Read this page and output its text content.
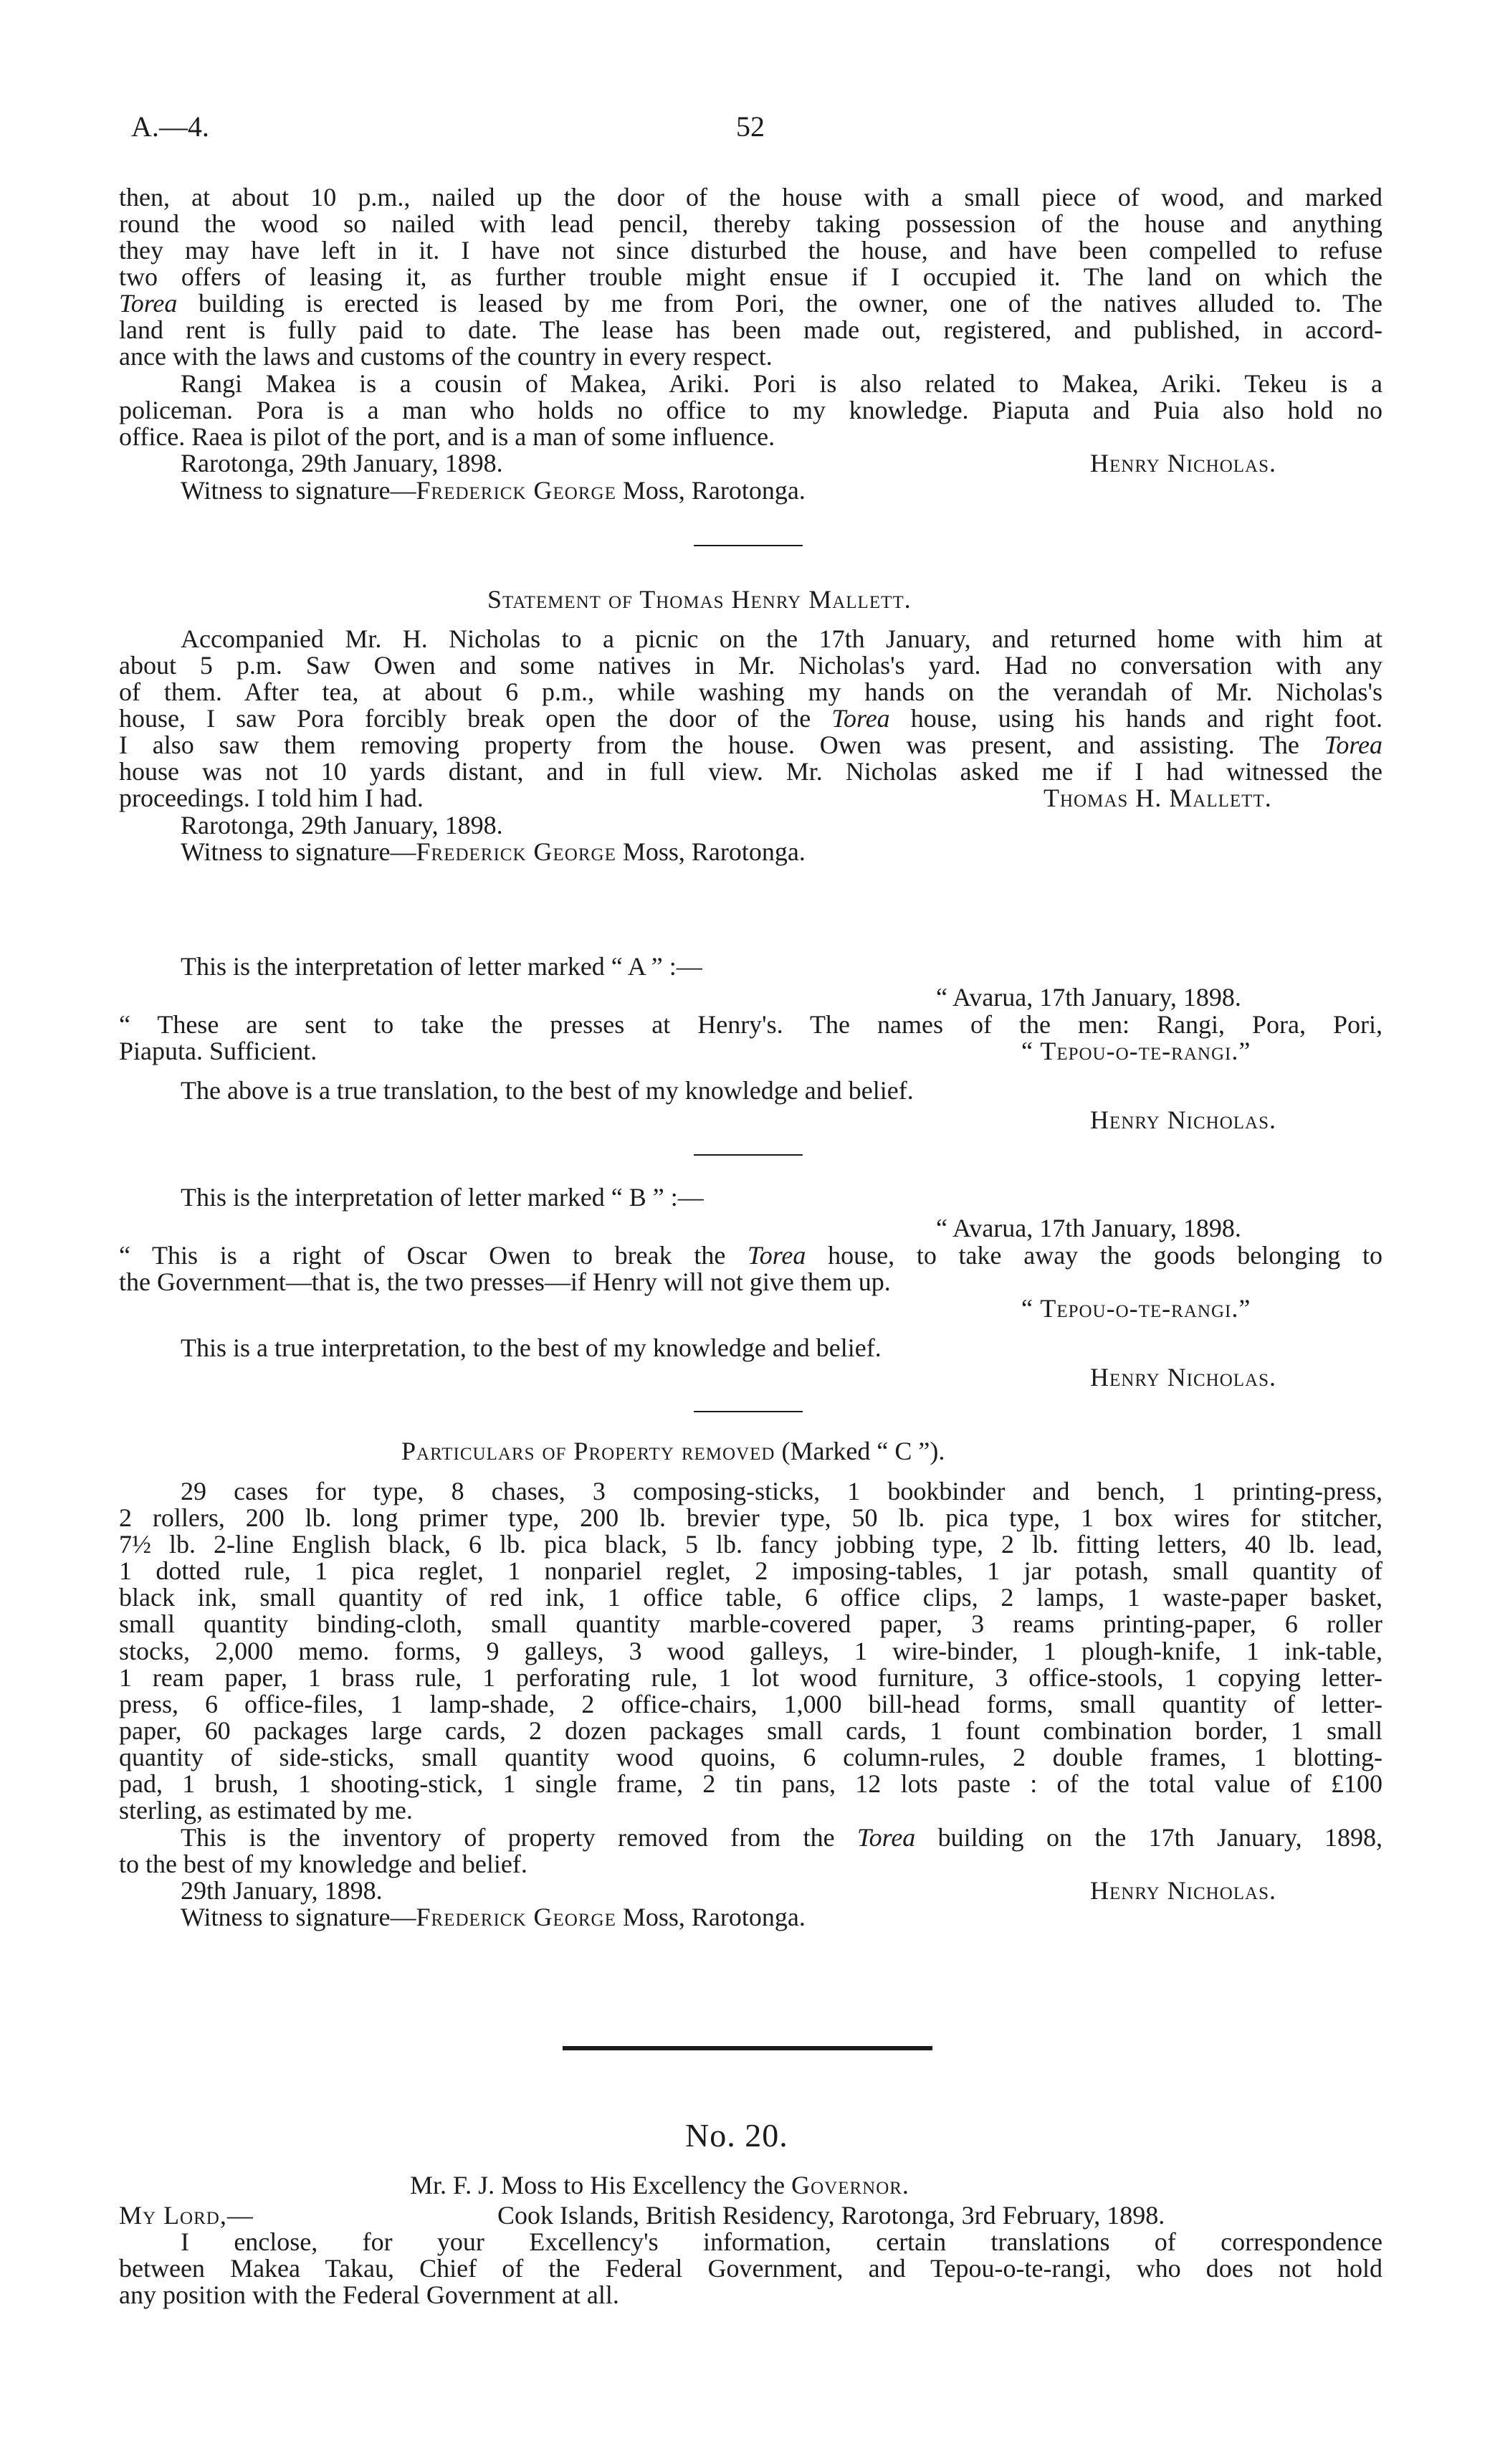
A.—4.	52
then, at about 10 p.m., nailed up the door of the house with a small piece of wood, and marked
round the wood so nailed with lead pencil, thereby taking possession of the house and anything
they may have left in it. I have not since disturbed the house, and have been compelled to refuse
two offers of leasing it, as further trouble might ensue if I occupied it. The land on which the
Torea building is erected is leased by me from Pori, the owner, one of the natives alluded to. The
land rent is fully paid to date. The lease has been made out, registered, and published, in accord-
ance with the laws and customs of the country in every respect.
Rangi Makea is a cousin of Makea, Ariki. Pori is also related to Makea, Ariki. Tekeu is a
policeman. Pora is a man who holds no office to my knowledge. Piaputa and Puia also hold no
office. Raea is pilot of the port, and is a man of some influence.
Rarotonga, 29th January, 1898.	Henry Nicholas.
Witness to signature—Frederick George Moss, Rarotonga.
Statement of Thomas Henry Mallett.
Accompanied Mr. H. Nicholas to a picnic on the 17th January, and returned home with him at
about 5 p.m. Saw Owen and some natives in Mr. Nicholas's yard. Had no conversation with any
of them. After tea, at about 6 p.m., while washing my hands on the verandah of Mr. Nicholas's
house, I saw Pora forcibly break open the door of the Torea house, using his hands and right foot.
I also saw them removing property from the house. Owen was present, and assisting. The Torea
house was not 10 yards distant, and in full view. Mr. Nicholas asked me if I had witnessed the
proceedings. I told him I had.	Thomas H. Mallett.
Rarotonga, 29th January, 1898.
Witness to signature—Frederick George Moss, Rarotonga.
This is the interpretation of letter marked “ A ” :—
“ Avarua, 17th January, 1898.
“ These are sent to take the presses at Henry's. The names of the men: Rangi, Pora, Pori,
Piaputa. Sufficient.	“ Tepou-o-te-rangi.”
The above is a true translation, to the best of my knowledge and belief.
Henry Nicholas.
This is the interpretation of letter marked “ B ” :—
“ Avarua, 17th January, 1898.
“ This is a right of Oscar Owen to break the Torea house, to take away the goods belonging to
the Government—that is, the two presses—if Henry will not give them up.
“ Tepou-o-te-rangi.”
This is a true interpretation, to the best of my knowledge and belief.
Henry Nicholas.
Particulars of Property removed (Marked “ C ”).
29 cases for type, 8 chases, 3 composing-sticks, 1 bookbinder and bench, 1 printing-press,
2 rollers, 200 lb. long primer type, 200 lb. brevier type, 50 lb. pica type, 1 box wires for stitcher,
7½ lb. 2-line English black, 6 lb. pica black, 5 lb. fancy jobbing type, 2 lb. fitting letters, 40 lb. lead,
1 dotted rule, 1 pica reglet, 1 nonpariel reglet, 2 imposing-tables, 1 jar potash, small quantity of
black ink, small quantity of red ink, 1 office table, 6 office clips, 2 lamps, 1 waste-paper basket,
small quantity binding-cloth, small quantity marble-covered paper, 3 reams printing-paper, 6 roller
stocks, 2,000 memo. forms, 9 galleys, 3 wood galleys, 1 wire-binder, 1 plough-knife, 1 ink-table,
1 ream paper, 1 brass rule, 1 perforating rule, 1 lot wood furniture, 3 office-stools, 1 copying letter-
press, 6 office-files, 1 lamp-shade, 2 office-chairs, 1,000 bill-head forms, small quantity of letter-
paper, 60 packages large cards, 2 dozen packages small cards, 1 fount combination border, 1 small
quantity of side-sticks, small quantity wood quoins, 6 column-rules, 2 double frames, 1 blotting-
pad, 1 brush, 1 shooting-stick, 1 single frame, 2 tin pans, 12 lots paste : of the total value of £100
sterling, as estimated by me.
This is the inventory of property removed from the Torea building on the 17th January, 1898,
to the best of my knowledge and belief.
29th January, 1898.	Henry Nicholas.
Witness to signature—Frederick George Moss, Rarotonga.
No. 20.
Mr. F. J. Moss to His Excellency the Governor.
My Lord,—	Cook Islands, British Residency, Rarotonga, 3rd February, 1898.
I enclose, for your Excellency's information, certain translations of correspondence
between Makea Takau, Chief of the Federal Government, and Tepou-o-te-rangi, who does not hold
any position with the Federal Government at all.
